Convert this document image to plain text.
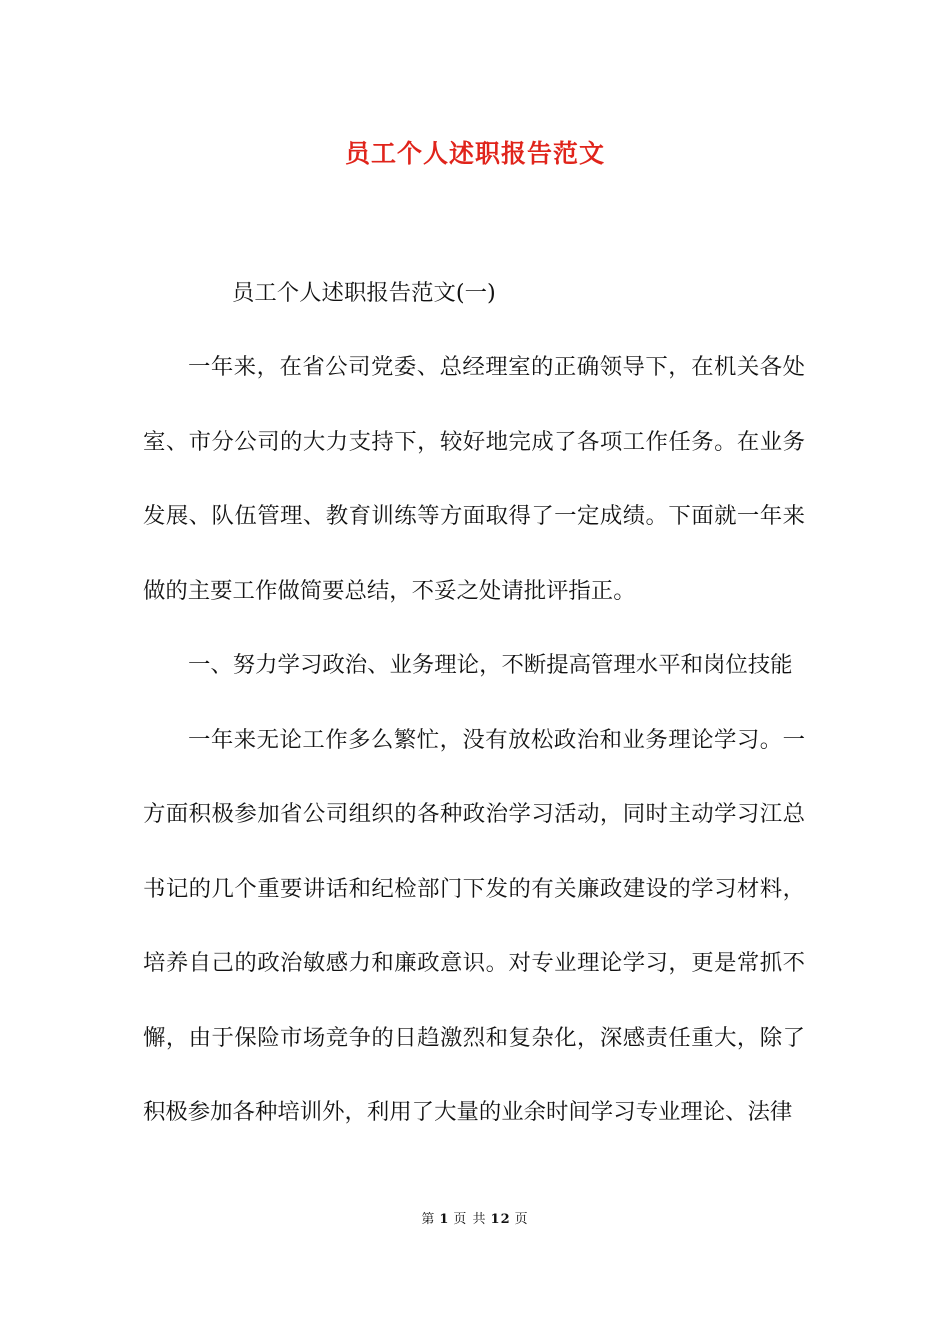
员工个人述职报告范文
员工个人述职报告范文(一)

一年来，在省公司党委、总经理室的正确领导下，在机关各处室、市分公司的大力支持下，较好地完成了各项工作任务。在业务发展、队伍管理、教育训练等方面取得了一定成绩。下面就一年来做的主要工作做简要总结，不妥之处请批评指正。

一、努力学习政治、业务理论，不断提高管理水平和岗位技能

一年来无论工作多么繁忙，没有放松政治和业务理论学习。一方面积极参加省公司组织的各种政治学习活动，同时主动学习江总书记的几个重要讲话和纪检部门下发的有关廉政建设的学习材料，培养自己的政治敏感力和廉政意识。对专业理论学习，更是常抓不懈，由于保险市场竞争的日趋激烈和复杂化，深感责任重大，除了积极参加各种培训外，利用了大量的业余时间学习专业理论、法律

第 1 页 共 12 页
